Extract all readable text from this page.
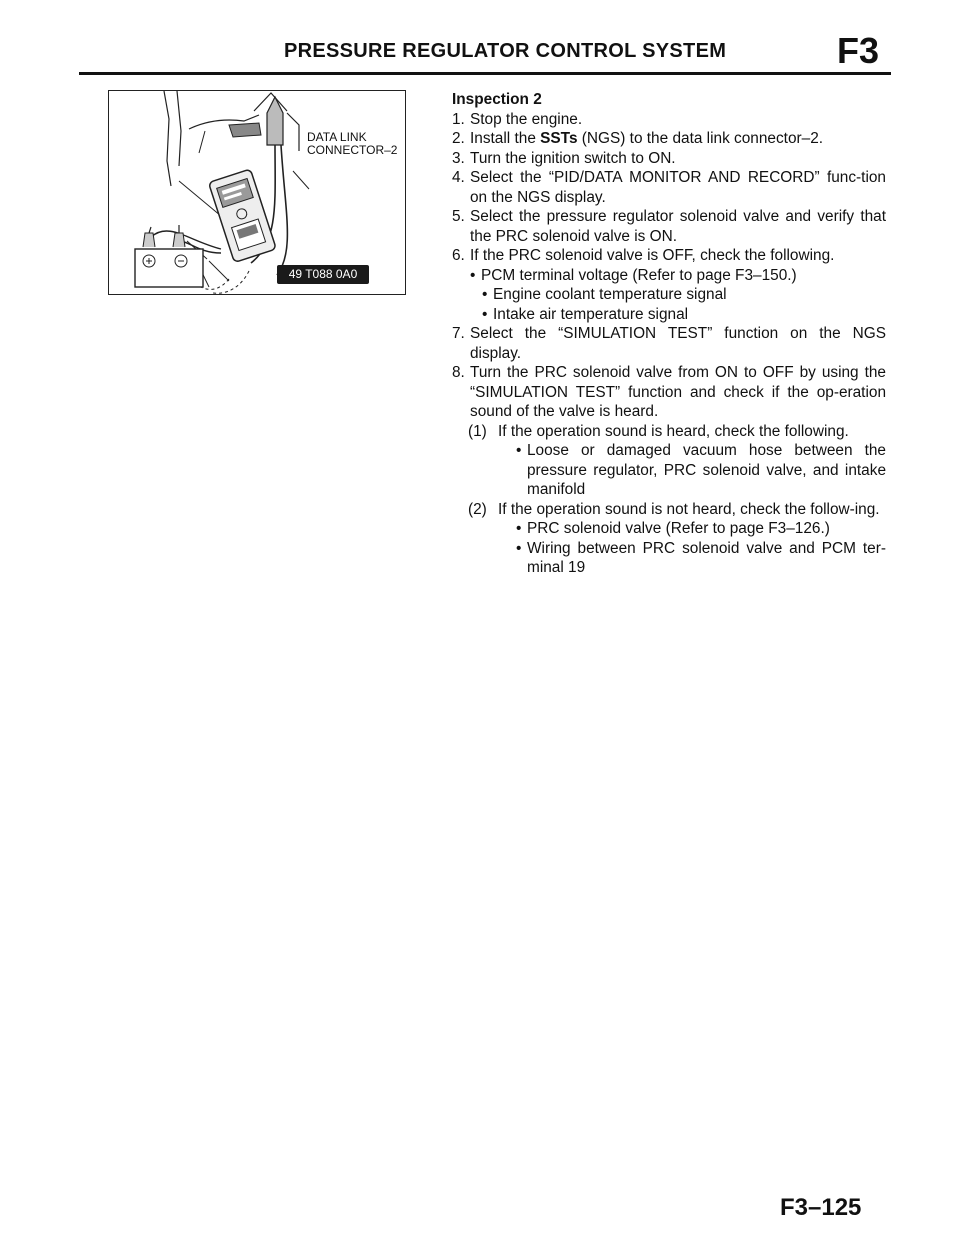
PRESSURE REGULATOR CONTROL SYSTEM	F3
DATA LINK
CONNECTOR–2
49 T088 0A0

Inspection 2

1. Stop the engine.
2. Install the SSTs (NGS) to the data link connector–2.
3. Turn the ignition switch to ON.
4. Select the “PID/DATA MONITOR AND RECORD” func-tion on the NGS display.
5. Select the pressure regulator solenoid valve and verify that the PRC solenoid valve is ON.
6. If the PRC solenoid valve is OFF, check the following.
• PCM terminal voltage (Refer to page F3–150.)
• Engine coolant temperature signal
• Intake air temperature signal
7. Select the “SIMULATION TEST” function on the NGS display.
8. Turn the PRC solenoid valve from ON to OFF by using the “SIMULATION TEST” function and check if the op-eration sound of the valve is heard.
(1) If the operation sound is heard, check the following.
• Loose or damaged vacuum hose between the pressure regulator, PRC solenoid valve, and intake manifold
(2) If the operation sound is not heard, check the follow-ing.
• PRC solenoid valve (Refer to page F3–126.)
• Wiring between PRC solenoid valve and PCM ter-minal 19
F3–125
